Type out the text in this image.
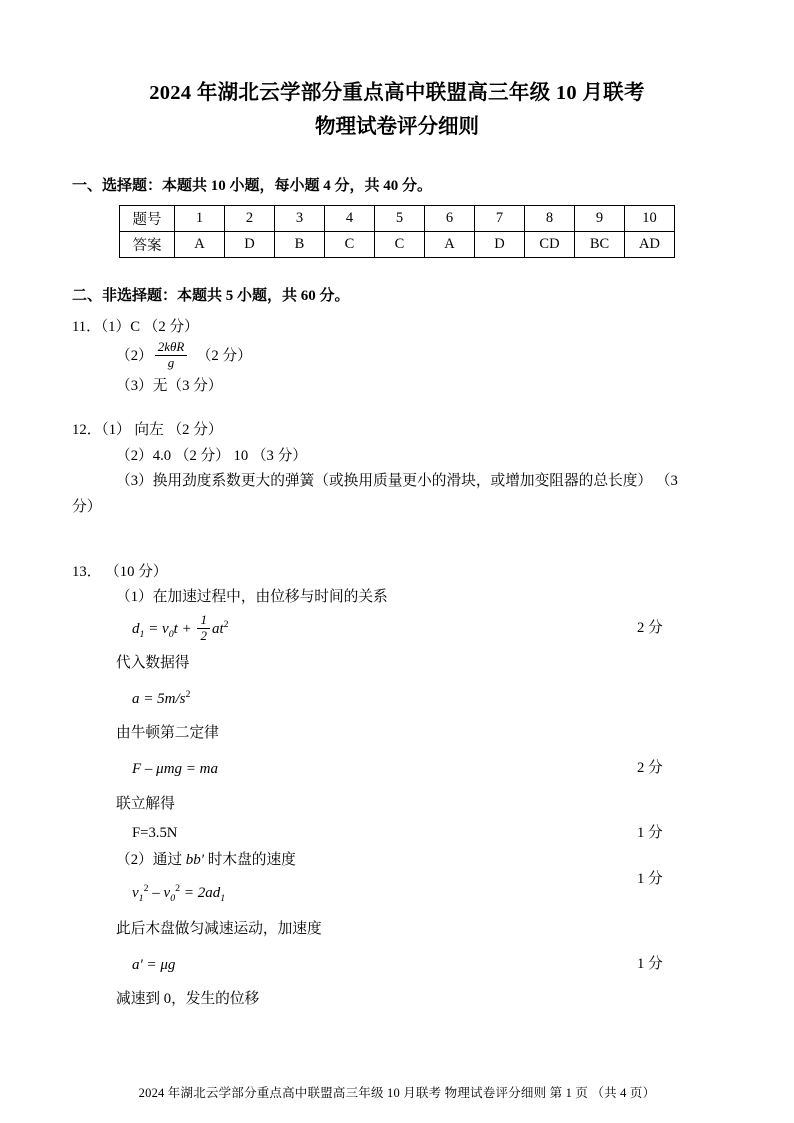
2024 年湖北云学部分重点高中联盟高三年级 10 月联考
物理试卷评分细则
一、选择题：本题共 10 小题，每小题 4 分，共 40 分。
题号	1	2	3	4	5	6	7	8	9	10
答案	A	D	B	C	C	A	D	CD	BC	AD
二、非选择题：本题共 5 小题，共 60 分。
11．（1）C （2 分）
$(2) \frac{\text{2kθR}}{g} (2$ 分）
（3）无（3 分）
12．（1） 向左 （2 分）
（2）4.0 （2 分） 10 （3 分）
（3）换用劲度系数更大的弹簧（或换用质量更小的滑块，或增加变阻器的总长度） （3
分）
13． （10 分）
（1）在加速过程中，由位移与时间的关系
$d_1 = v_0t + \frac{1}{2} at^2$	2 分
代入数据得
$a = 5m/s^2$
由牛顿第二定律
F – μmg = ma	2 分
联立解得
F=3.5N	1 分
（2）通过 bb′ 时木盘的速度
$v_1^2 - v_0^2 = 2ad_1$
1 分
此后木盘做匀减速运动，加速度
a′ = μg	1 分
减速到 0，发生的位移
2024 年湖北云学部分重点高中联盟高三年级 10 月联考 物理试卷评分细则 第 1 页 （共 4 页）
